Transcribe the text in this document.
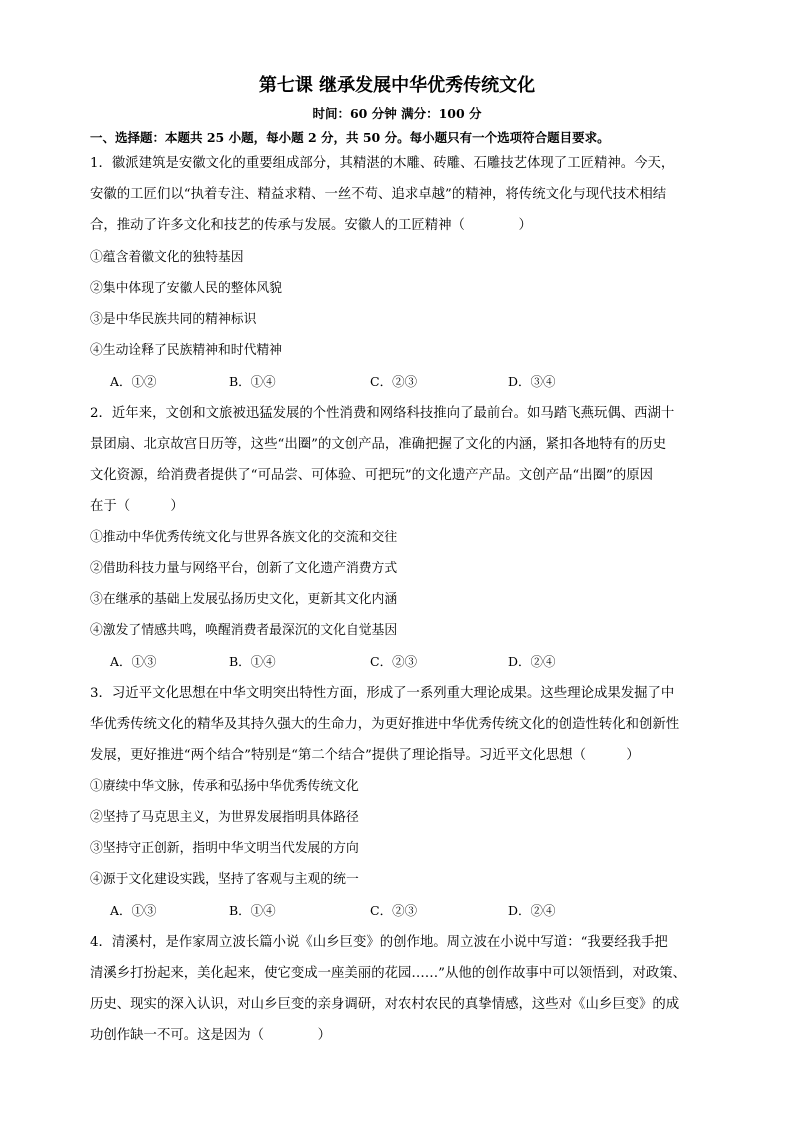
第七课 继承发展中华优秀传统文化
时间：60 分钟 满分：100 分
一、选择题：本题共 25 小题，每小题 2 分，共 50 分。每小题只有一个选项符合题目要求。
1．徽派建筑是安徽文化的重要组成部分，其精湛的木雕、砖雕、石雕技艺体现了工匠精神。今天，
安徽的工匠们以“执着专注、精益求精、一丝不苟、追求卓越”的精神，将传统文化与现代技术相结
合，推动了许多文化和技艺的传承与发展。安徽人的工匠精神（　　　　）
①蕴含着徽文化的独特基因
②集中体现了安徽人民的整体风貌
③是中华民族共同的精神标识
④生动诠释了民族精神和时代精神
A．①②	B．①④	C．②③	D．③④
2．近年来，文创和文旅被迅猛发展的个性消费和网络科技推向了最前台。如马踏飞燕玩偶、西湖十
景团扇、北京故宫日历等，这些“出圈”的文创产品，准确把握了文化的内涵，紧扣各地特有的历史
文化资源，给消费者提供了“可品尝、可体验、可把玩”的文化遗产产品。文创产品“出圈”的原因
在于（　　　）
①推动中华优秀传统文化与世界各族文化的交流和交往
②借助科技力量与网络平台，创新了文化遗产消费方式
③在继承的基础上发展弘扬历史文化，更新其文化内涵
④激发了情感共鸣，唤醒消费者最深沉的文化自觉基因
A．①③	B．①④	C．②③	D．②④
3．习近平文化思想在中华文明突出特性方面，形成了一系列重大理论成果。这些理论成果发掘了中
华优秀传统文化的精华及其持久强大的生命力，为更好推进中华优秀传统文化的创造性转化和创新性
发展，更好推进“两个结合”特别是“第二个结合”提供了理论指导。习近平文化思想（　　　）
①赓续中华文脉，传承和弘扬中华优秀传统文化
②坚持了马克思主义，为世界发展指明具体路径
③坚持守正创新，指明中华文明当代发展的方向
④源于文化建设实践，坚持了客观与主观的统一
A．①③	B．①④	C．②③	D．②④
4．清溪村，是作家周立波长篇小说《山乡巨变》的创作地。周立波在小说中写道：“我要经我手把
清溪乡打扮起来，美化起来，使它变成一座美丽的花园……”从他的创作故事中可以领悟到，对政策、
历史、现实的深入认识，对山乡巨变的亲身调研，对农村农民的真挚情感，这些对《山乡巨变》的成
功创作缺一不可。这是因为（　　　　）
